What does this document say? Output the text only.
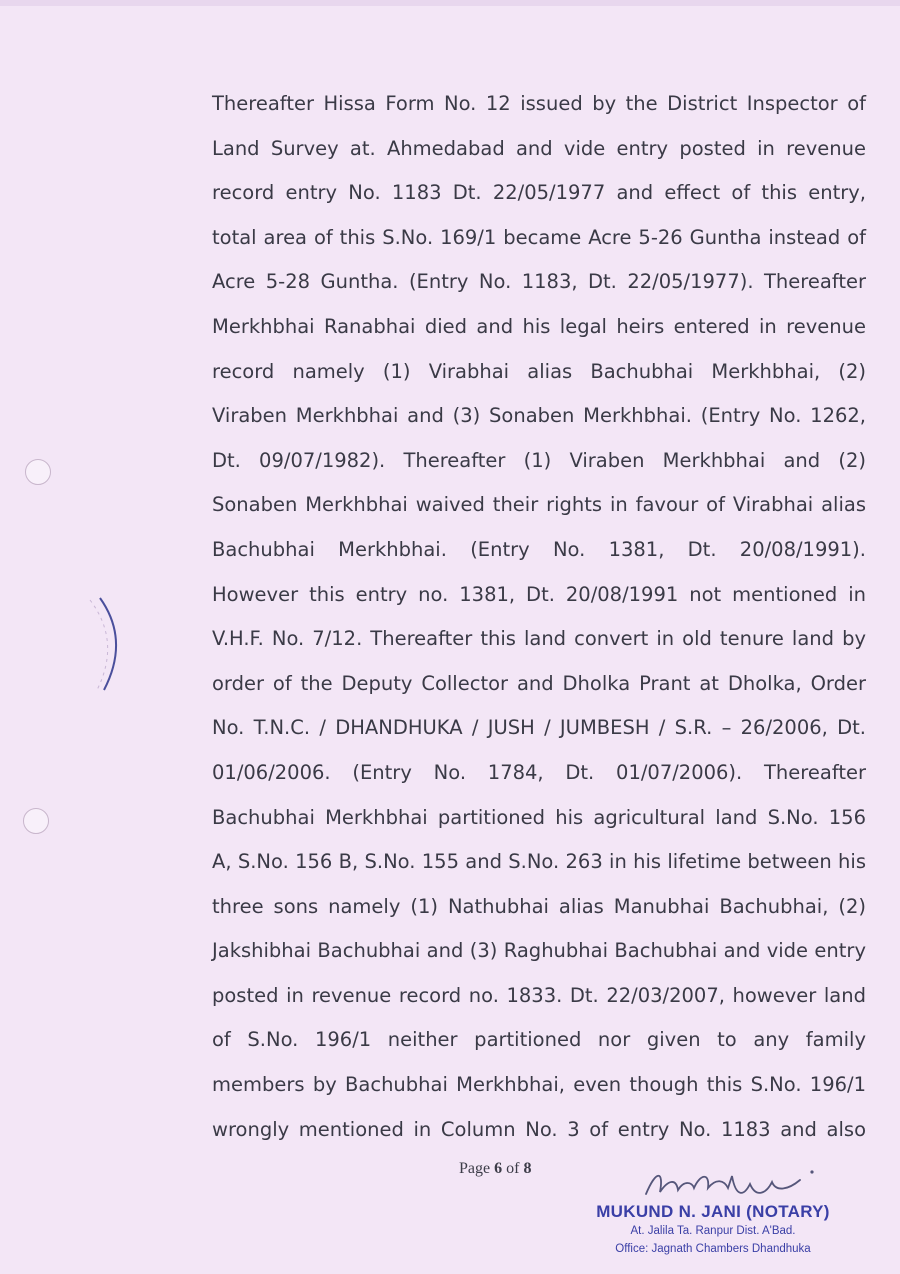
Thereafter Hissa Form No. 12 issued by the District Inspector of
Land Survey at. Ahmedabad and vide entry posted in revenue
record entry No. 1183 Dt. 22/05/1977 and effect of this entry,
total area of this S.No. 169/1 became Acre 5-26 Guntha instead of
Acre 5-28 Guntha. (Entry No. 1183, Dt. 22/05/1977). Thereafter
Merkhbhai Ranabhai died and his legal heirs entered in revenue
record namely (1) Virabhai alias Bachubhai Merkhbhai, (2)
Viraben Merkhbhai and (3) Sonaben Merkhbhai. (Entry No. 1262,
Dt. 09/07/1982). Thereafter (1) Viraben Merkhbhai and (2)
Sonaben Merkhbhai waived their rights in favour of Virabhai alias
Bachubhai Merkhbhai. (Entry No. 1381, Dt. 20/08/1991).
However this entry no. 1381, Dt. 20/08/1991 not mentioned in
V.H.F. No. 7/12. Thereafter this land convert in old tenure land by
order of the Deputy Collector and Dholka Prant at Dholka, Order
No. T.N.C. / DHANDHUKA / JUSH / JUMBESH / S.R. – 26/2006, Dt.
01/06/2006. (Entry No. 1784, Dt. 01/07/2006). Thereafter
Bachubhai Merkhbhai partitioned his agricultural land S.No. 156
A, S.No. 156 B, S.No. 155 and S.No. 263 in his lifetime between his
three sons namely (1) Nathubhai alias Manubhai Bachubhai, (2)
Jakshibhai Bachubhai and (3) Raghubhai Bachubhai and vide entry
posted in revenue record no. 1833. Dt. 22/03/2007, however land
of S.No. 196/1 neither partitioned nor given to any family
members by Bachubhai Merkhbhai, even though this S.No. 196/1
wrongly mentioned in Column No. 3 of entry No. 1183 and also
Page 6 of 8
MUKUND N. JANI (NOTARY)
At. Jalila Ta. Ranpur Dist. A'Bad.
Office: Jagnath Chambers Dhandhuka
